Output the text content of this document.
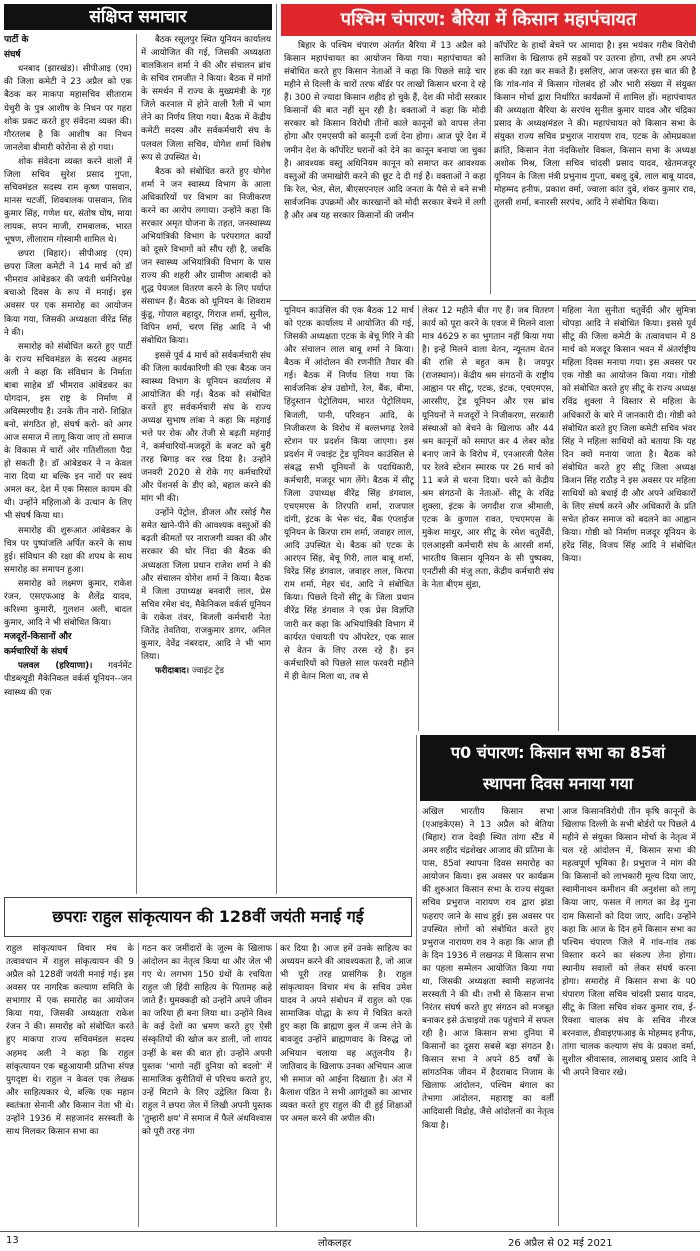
संक्षिप्त समाचार

पार्टी के

संघर्ष

धनबाद (झारखंड)। सीपीआइ (एम) की जिला कमेटी ने 23 अप्रैल को एक बैठक कर माकपा महासचिव सीताराम येचुरी के पुत्र आशीष के निधन पर गहरा शोक प्रकट करते हुए संवेदना व्यक्त की। गौरतलब है कि आशीष का निधन जानलेवा बीमारी कोरोना से हो गया।

शोक संवेदना व्यक्त करने वालों में जिला सचिव सुरेश प्रसाद गुप्ता, सचिवमंडल सदस्य राम कृष्ण पासवान, मानस चटर्जी, शिवबालक पासवान, शिव कुमार सिंह, गणेश धर, संतोष घोष, माया लायक, सपन माजी, रामबालक, भारत भूषण, लीलाराम गोस्वामी शामिल थे।

छपरा (बिहार)। सीपीआइ (एम) छपरा जिला कमेटी ने 14 मार्च को डॉ भीमराव आंबेडकर की जयंती धर्मनिरपेक्ष बचाओ दिवस के रूप में मनाई। इस अवसर पर एक समारोह का आयोजन किया गया, जिसकी अध्यक्षता वीरेंद्र सिंह ने की।

समारोह को संबोधित करते हुए पार्टी के राज्य सचिवमंडल के सदस्य अहमद अली ने कहा कि संविधान के निर्माता बाबा साहेब डॉ भीमराव आंबेडकर का योगदान, इस राष्ट्र के निर्माण में अविस्मरणीय है। उनके तीन नारों- शिक्षित बनो, संगठित हो, संघर्ष करो- को अगर आज समाज में लागू किया जाए तो समाज के विकास में चारों ओर गतिशीलता पैदा हो सकती है। डॉ आंबेडकर ने न केवल नारा दिया था बल्कि इन नारों पर स्वयं अमल कर, देश में एक मिसाल कायम की थी। उन्होंने महिलाओं के उत्थान के लिए भी संघर्ष किया था।

समारोह की शुरूआत आंबेडकर के चित्र पर पुष्पांजलि अर्पित करने के साथ हुई। संविधान की रक्षा की शपथ के साथ समारोह का समापन हुआ।

समारोह को लक्ष्मण कुमार, राकेश रंजन, एसएफआइ के शैलेंद्र यादव, करिश्मा कुमारी, गुलशन अली, बादल कुमार, आदि ने भी संबोधित किया।

मजदूरों-किसानों और

कर्मचारियों के संघर्ष

पलवल (हरियाणा)। गवर्नमेंट पीडब्ल्यूडी मैकेनिकल वर्कर्स यूनियन--जन स्वास्थ्य की एक

बैठक रसूलपुर स्थित यूनियन कार्यालय में आयोजित की गई, जिसकी अध्यक्षता बालकिशन शर्मा ने की और संचालन ब्रांच के सचिव रामजीत ने किया। बैठक में मांगों के समर्थन में राज्य के मुख्यमंत्री के गृह जिले करनाल में होने वाली रैली में भाग लेने का निर्णय लिया गया। बैठक में केंद्रीय कमेटी सदस्य और सर्वकर्मचारी संघ के पलवल जिला सचिव, योगेश शर्मा विशेष रूप से उपस्थित थे।

बैठक को संबोधित करते हुए योगेश शर्मा ने जन स्वास्थ्य विभाग के आला अधिकारियों पर विभाग का निजीकरण करने का आरोप लगाया। उन्होंने कहा कि सरकार अमृत योजना के तहत, जनस्वास्थ्य अभियांत्रिकी विभाग के परंपरागत कार्यों को दूसरे विभागों को सौंप रही है, जबकि जन स्वास्थ्य अभियांत्रिकी विभाग के पास राज्य की शहरी और ग्रामीण आबादी को शुद्ध पेयजल वितरण करने के लिए पर्याप्त संसाधन हैं। बैठक को यूनियन के शिवराम कुंडू, गोपाल बहादुर, गिराज शर्मा, सुनील, विपिन शर्मा, चरण सिंह आदि ने भी संबोधित किया।

इससे पूर्व 4 मार्च को सर्वकर्मचारी संघ की जिला कार्यकारिणी की एक बैठक जन स्वास्थ्य विभाग के यूनियन कार्यालय में आयोजित की गई। बैठक को संबोधित करते हुए सर्वकर्मचारी संघ के राज्य अध्यक्ष सुभाष लांबा ने कहा कि महंगाई भत्ते पर रोक और तेजी से बढ़ती महंगाई ने, कर्मचारियों-मजदूरों के बजट को बुरी तरह बिगाड़ कर रख दिया है। उन्होंने जनवरी 2020 से रोके गए कर्मचारियों और पेंशनर्स के डीए को, बहाल करने की मांग भी की।

उन्होंने पेट्रोल, डीजल और रसोई गैस समेत खाने-पीने की आवश्यक वस्तुओं की बढ़ती कीमतों पर नाराजगी व्यक्त की और सरकार की घोर निंदा की बैठक की अध्यक्षता जिला प्रधान राजेश शर्मा ने की और संचालन योगेश शर्मा ने किया। बैठक में जिला उपाध्यक्ष बनवारी लाल, प्रेस सचिव रमेश चंद, मैकेनिकल वर्कर्स यूनियन के राकेश तंवर, बिजली कर्मचारी नेता जितेंद्र तेवतिया, राजकुमार डागर, अनिल कुमार, देवेंद्र नंबरदार, आदि ने भी भाग लिया।

फरीदाबाद। ज्वाइंट ट्रेड

पश्चिम चंपारण: बैरिया में किसान महापंचायत

बिहार के पश्चिम चंपारण अंतर्गत बैरिया में 13 अप्रैल को किसान महापंचायत का आयोजन किया गया। महापंचायत को संबोधित करते हुए किसान नेताओं ने कहा कि पिछले साढ़े चार महीने से दिल्ली के चारों तरफ बॉर्डर पर लाखों किसान धरना दे रहे हैं। 300 से ज्यादा किसान शहीद हो चुके हैं, देश की मोदी सरकार किसानों की बात नहीं सुन रही है। वक्ताओं ने कहा कि मोदी सरकार को किसान विरोधी तीनों काले कानूनों को वापस लेना होगा और एमएसपी को कानूनी दर्जा देना होगा। आज पूरे देश में जमीन देश के कॉर्पोरेट घरानों को देने का कानून बनाया जा चुका है। आवश्यक वस्तु अधिनियम कानून को समाप्त कर आवश्यक वस्तुओं की जमाखोरी करने की छूट दे दी गई है। वक्ताओं ने कहा कि रेल, भेल, सेल, बीएसएनएल आदि जनता के पैसे से बने सभी सार्वजनिक उपक्रमों और कारखानों को मोदी सरकार बेचने में लगी है और अब यह सरकार किसानों की जमीन

कॉर्पोरेट के हाथों बेचने पर आमादा है। इस भयंकर गरीब विरोधी साजिश के खिलाफ हमें सड़कों पर उतरना होगा, तभी हम अपने हक की रक्षा कर सकते हैं। इसलिए, आज जरूरत इस बात की है कि गांव-गांव में किसान गोलबंद हों और भारी संख्या में संयुक्त किसान मोर्चा द्वारा निर्धारित कार्यक्रमों में शामिल हों। महापंचायत की अध्यक्षता बैरिया के सरपंच सुनील कुमार यादव और चंद्रिका प्रसाद के अध्यक्षमंडल ने की। महापंचायत को किसान सभा के संयुक्त राज्य सचिव प्रभुराज नारायण राव, एटक के ओमप्रकाश क्रांति, किसान नेता नंदकिशोर विकल, किसान सभा के अध्यक्ष अशोक मिश्र, जिला सचिव चांदसी प्रसाद यादव, खेतमजदूर यूनियन के जिला मंत्री प्रभुनाथ गुप्ता, बबलू दुबे, लाल बाबू यादव, मोहम्मद हनीफ, प्रकाश वर्मा, ज्वाला कांत दुबे, शंकर कुमार राव, तुलसी शर्मा, बनारसी सरपंच, आदि ने संबोधित किया।

यूनियन काउंसिल की एक बैठक 12 मार्च को एटक कार्यालय में आयोजित की गई, जिसकी अध्यक्षता एटक के बेचू गिरि ने की और संचालन लाल बाबू शर्मा ने किया। बैठक में आंदोलन की रणनीति तैयार की गई। बैठक में निर्णय लिया गया कि सार्वजनिक क्षेत्र उद्योगों, रेल, बैंक, बीमा, हिंदुस्तान पेट्रोलियम, भारत पेट्रोलियम, बिजली, पानी, परिवहन आदि, के निजीकरण के विरोध में बल्लभगढ़ रेलवे स्टेशन पर प्रदर्शन किया जाएगा। इस प्रदर्शन में ज्वाइंट ट्रेड यूनियन काउंसिल से संबद्ध सभी यूनियनों के पदाधिकारी, कर्मचारी, मजदूर भाग लेंगे। बैठक में सीटू जिला उपाध्यक्ष वीरेंद्र सिंह डंगवाल, एचएमएस के तिरपति शर्मा, राजपाल दांगी, इंटक के भेरू चंद, बैंक एंप्लाईज यूनियन के किरपा राम शर्मा, जवाहर लाल, आदि उपस्थित थे। बैठक को एटक के आरएन सिंह, बेचू गिरी, लाल बाबू शर्मा, विरेंद्र सिंह डंगवाल, जवाहर लाल, किरपा राम शर्मा, मेहर चंद, आदि ने संबोधित किया। पिछले दिनों सीटू के जिला प्रधान वीरेंद्र सिंह डंगवाल ने एक प्रेस विज्ञप्ति जारी कर कहा कि अभियांत्रिकी विभाग में कार्यरत पंचायती पंप ऑपरेटर, एक साल से वेतन के लिए तरस रहे हैं। इन कर्मचारियों को पिछले साल फरवरी महीने में ही वेतन मिला था, तब से

लेकर 12 महीने बीत गए हैं। जब वितरण कार्य को पूरा करने के एवज में मिलने वाला मात्र 4629 रु का भुगतान नहीं किया गया है। इन्हें मिलने वाला वेतन, न्यूनतम वेतन की राशि से बहुत कम है। जयपुर (राजस्थान)। केंद्रीय श्रम संगठनों के राष्ट्रीय आह्वान पर सीटू, एटक, इंटक, एचएमएस, आरसीए, ट्रेड यूनियन और एस ब्रांच यूनियनों ने मजदूरों ने निजीकरण, सरकारी संस्थाओं को बेचने के खिलाफ और 44 श्रम कानूनों को समाप्त कर 4 लेबर कोड बनाए जाने के विरोध में, एनआरजी पैलेस पर रेलवे स्टेशन स्मारक पर 26 मार्च को 11 बजे से धरना दिया। धरने को केंद्रीय श्रम संगठनों के नेताओं- सीटू के रविंद्र शुक्ला, इंटक के जगदीश राज श्रीमाली, एटक के कुणाल रावत, एचएमएस के मुकेश माथुर, आर सीटू के रमेश चतुर्वेदी, एलआइसी कर्मचारी संघ के आरसी शर्मा, भारतीय किसान यूनियन के सी पुष्पक्य, एनटीसी की मंजु लता, केंद्रीय कर्मचारी संघ के नेता बीएम सुंडा,

महिला नेता सुनीता चतुर्वेदी और सुमित्रा चोपड़ा आदि ने संबोधित किया। इससे पूर्व सीटू की जिला कमेटी के तत्वावधान में 8 मार्च को मजदूर किसान भवन में अंतर्राष्ट्रीय महिला दिवस मनाया गया। इस अवसर पर एक गोष्ठी का आयोजन किया गया। गोष्ठी को संबोधित करते हुए सीटू के राज्य अध्यक्ष रविंद्र शुक्ला ने विस्तार से महिला के अधिकारों के बारे में जानकारी दी। गोष्ठी को संबोधित करते हुए जिला कमेटी सचिव भंवर सिंह ने महिला साथियों को बताया कि यह दिन क्यों मनाया जाता है। बैठक को संबोधित करते हुए सीटू जिला अध्यक्ष किशन सिंह राठौड़ ने इस अवसर पर महिला साथियों को बधाई दी और अपने अधिकारों के लिए संघर्ष करने और अधिकारों के प्रति सचेत होकर समाज को बदलने का आह्वान किया। गोष्ठी को निर्माण मजदूर यूनियन के हरेंद्र सिंह, विजय सिंह आदि ने संबोधित किया।

प0 चंपारण: किसान सभा का 85वां
स्थापना दिवस मनाया गया

अखिल भारतीय किसान सभा (एआइकेएस) ने 13 अप्रैल को बेतिया (बिहार) राज देवड़ी स्थित तांगा स्टैंड में अमर शहीद चंद्रशेखर आजाद की प्रतिमा के पास, 85वां स्थापना दिवस समारोह का आयोजन किया। इस अवसर पर कार्यक्रम की शुरुआत किसान सभा के राज्य संयुक्त सचिव प्रभुराज नारायण राव द्वारा झंडा फहराए जाने के साथ हुई। इस अवसर पर उपस्थित लोगों को संबोधित करते हुए प्रभुराज नारायण राव ने कहा कि आज ही के दिन 1936 में लखनऊ में किसान सभा का पहला सम्मेलन आयोजित किया गया था, जिसकी अध्यक्षता स्वामी सहजानंद सरस्वती ने की थी। तभी से किसान सभा निरंतर संघर्ष करते हुए संगठन को मजबूत बनाकर इसे ऊंचाइयों तक पहुंचाने में सफल रही है। आज किसान सभा दुनिया में किसानों का दूसरा सबसे बड़ा संगठन है। किसान सभा ने अपने 85 वर्षों के सांगठनिक जीवन में हैदराबाद निजाम के खिलाफ आंदोलन, पश्चिम बंगाल का तेभागा आंदोलन, महाराष्ट्र का वर्ली आदिवासी विद्रोह, जैसे आंदोलनों का नेतृत्व किया है।

आज किसानविरोधी तीन कृषि कानूनों के खिलाफ दिल्ली के सभी बोर्डरों पर पिछले 4 महीने से संयुक्त किसान मोर्चा के नेतृत्व में चल रहे आंदोलन में, किसान सभा की महत्वपूर्ण भूमिका है। प्रभुराज ने मांग की कि किसानों को लाभकारी मूल्य दिया जाए, स्वामीनाथन कमीशन की अनुशंसा को लागू किया जाए, फसल में लागत का डेढ़ गुना दाम किसानों को दिया जाए, आदि। उन्होंने कहा कि आज के दिन हमें किसान सभा का पश्चिम चंपारण जिले में गांव-गांव तक विस्तार करने का संकल्प लेना होगा। स्थानीय सवालों को लेकर संघर्ष करना होगा। समारोह में किसान सभा के प0 चंपारण जिला सचिव चांदसी प्रसाद यादव, सीटू के जिला सचिव शंकर कुमार राव, ई-रिक्शा चालक संघ के सचिव नीरज बरनवाल, डीवाइएफआइ के मोहम्मद हनीफ, तांगा चालक कल्याण संघ के प्रकाश वर्मा, सुशील श्रीवास्तव, लालबाबू प्रसाद आदि ने भी अपने विचार रखे।

छपराः राहुल सांकृत्यायन की 128वीं जयंती मनाई गई

राहुल सांकृत्यायन विचार मंच के तत्वावधान में राहुल सांकृत्यायन की 9 अप्रैल को 128वीं जयंती मनाई गई। इस अवसर पर नागरिक कल्याण समिति के सभागार में एक समारोह का आयोजन किया गया, जिसकी अध्यक्षता राकेश रंजन ने की। समारोह को संबोधित करते हुए माकपा राज्य सचिवमंडल सदस्य अहमद अली ने कहा कि राहुल सांकृत्यायन एक बहुआयामी प्रतिभा संपन्न युगदृष्टा थे। राहुल न केवल एक लेखक और साहित्यकार थे, बल्कि एक महान स्वतंत्रता सेनानी और किसान नेता भी थे। उन्होंने 1936 में सहजानंद सरस्वती के साथ मिलकर किसान सभा का

गठन कर जमींदारों के जुल्म के खिलाफ आंदोलन का नेतृत्व किया था और जेल भी गए थे। लगभग 150 ग्रंथों के रचयिता राहुल जी हिंदी साहित्य के पितामह कहे जाते हैं। घुमक्कड़ी को उन्होंने अपने जीवन का जरिया ही बना लिया था। उन्होंने विश्व के कई देशों का भ्रमण करते हुए ऐसी संस्कृतियों की खोज कर डाली, जो शायद उन्हीं के बस की बात हो। उन्होंने अपनी पुस्तक 'भागो नहीं दुनिया को बदलो' में सामाजिक कुरीतियों से परिचय कराते हुए, उन्हें मिटाने के लिए उद्वेलित किया है। राहुल ने छपरा जेल में लिखी अपनी पुस्तक 'तुम्हारी क्षय' में समाज में फैले अंधविश्वास को पूरी तरह नंगा

कर दिया है। आज हमें उनके साहित्य का अध्ययन करने की आवश्यकता है, जो आज भी पूरी तरह प्रासंगिक है। राहुल सांकृत्यायन विचार मंच के सचिव उमेश यादव ने अपने संबोधन में राहुल को एक सामाजिक योद्धा के रूप में चित्रित करते हुए कहा कि ब्राह्मण कुल में जन्म लेने के बावजूद उन्होंने ब्राह्मणवाद के विरुद्ध जो अभियान चलाया वह अतुलनीय है। जातिवाद के खिलाफ उनका अभियान आज भी समाज को आईना दिखाता है। अंत में कैलाश पंडित ने सभी आगंतुकों का आभार व्यक्त करते हुए राहुल की दी हुई शिक्षाओं पर अमल करने की अपील की।

13	लोकलहर	26 अप्रैल से 02 मई 2021
